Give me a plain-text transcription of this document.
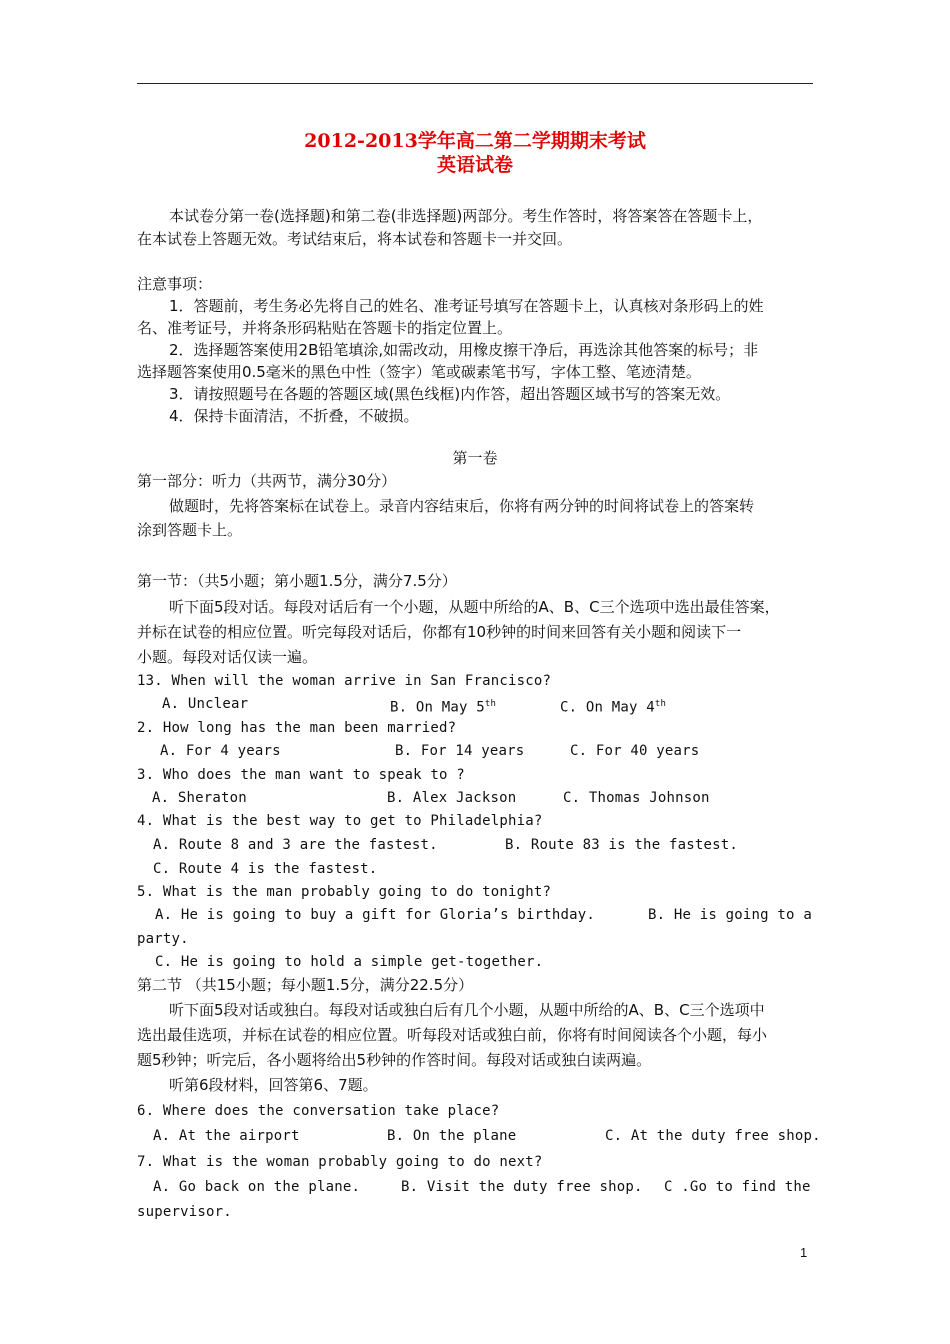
2012-2013学年高二第二学期期末考试
英语试卷
本试卷分第一卷(选择题)和第二卷(非选择题)两部分。考生作答时，将答案答在答题卡上，
在本试卷上答题无效。考试结束后，将本试卷和答题卡一并交回。
注意事项：
1．答题前，考生务必先将自己的姓名、准考证号填写在答题卡上，认真核对条形码上的姓
名、准考证号，并将条形码粘贴在答题卡的指定位置上。
2．选择题答案使用2B铅笔填涂,如需改动，用橡皮擦干净后，再选涂其他答案的标号；非
选择题答案使用0.5毫米的黑色中性（签字）笔或碳素笔书写，字体工整、笔迹清楚。
3．请按照题号在各题的答题区域(黑色线框)内作答，超出答题区域书写的答案无效。
4．保持卡面清洁，不折叠，不破损。
第一卷
第一部分：听力（共两节，满分30分）
做题时，先将答案标在试卷上。录音内容结束后，你将有两分钟的时间将试卷上的答案转
涂到答题卡上。
第一节：（共5小题；第小题1.5分，满分7.5分）
听下面5段对话。每段对话后有一个小题，从题中所给的A、B、C三个选项中选出最佳答案，
并标在试卷的相应位置。听完每段对话后，你都有10秒钟的时间来回答有关小题和阅读下一
小题。每段对话仅读一遍。
13. When will the woman arrive in San Francisco?
A. Unclear	B. On May 5th	C. On May 4th
2. How long has the man been married?
A. For 4 years	B. For 14 years	C. For 40 years
3. Who does the man want to speak to ?
A. Sheraton	B. Alex Jackson	C. Thomas Johnson
4. What is the best way to get to Philadelphia?
A. Route 8 and 3 are the fastest.	B. Route 83 is the fastest.
C. Route 4 is the fastest.
5. What is the man probably going to do tonight?
A. He is going to buy a gift for Gloria’s birthday.	B. He is going to a
party.
C. He is going to hold a simple get-together.
第二节 （共15小题；每小题1.5分，满分22.5分）
听下面5段对话或独白。每段对话或独白后有几个小题，从题中所给的A、B、C三个选项中
选出最佳选项，并标在试卷的相应位置。听每段对话或独白前，你将有时间阅读各个小题，每小
题5秒钟；听完后，各小题将给出5秒钟的作答时间。每段对话或独白读两遍。
听第6段材料，回答第6、7题。
6. Where does the conversation take place?
A. At the airport	B. On the plane	C. At the duty free shop.
7. What is the woman probably going to do next?
A. Go back on the plane.	B. Visit the duty free shop. C .Go to find the
supervisor.
1
